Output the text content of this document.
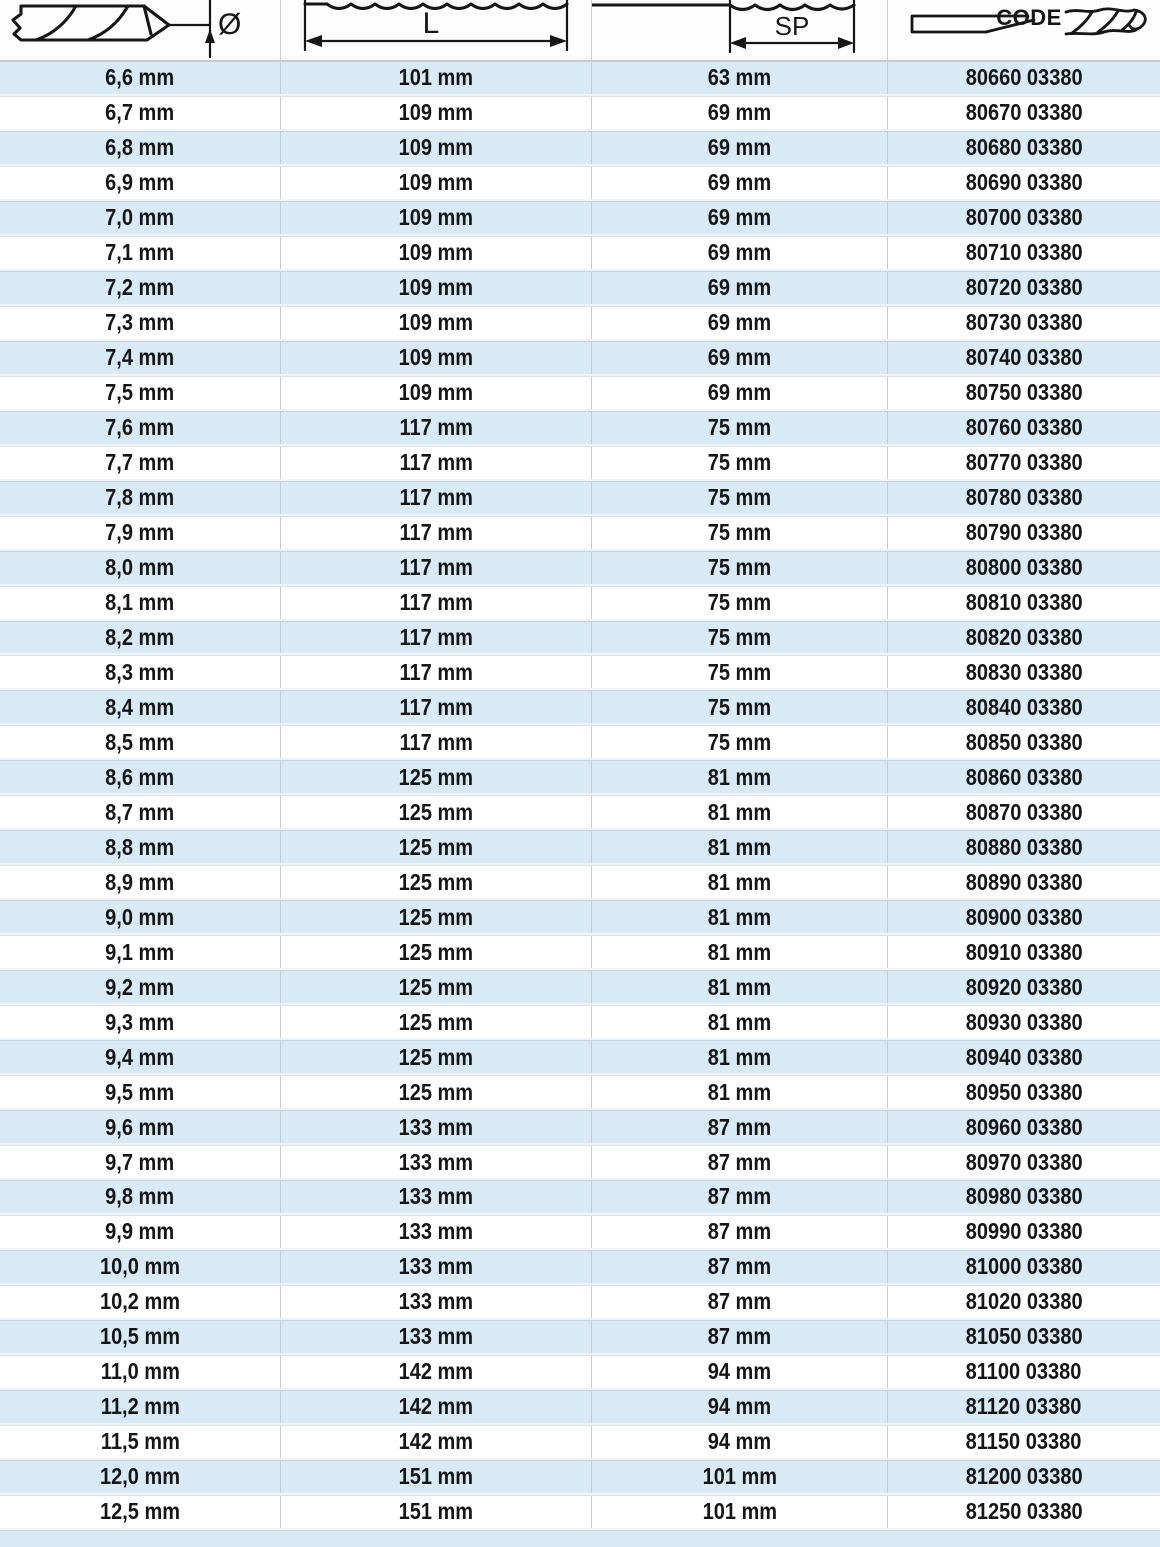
Ø	L	SP	CODE
6,6 mm	101 mm	63 mm	80660 03380
6,7 mm	109 mm	69 mm	80670 03380
6,8 mm	109 mm	69 mm	80680 03380
6,9 mm	109 mm	69 mm	80690 03380
7,0 mm	109 mm	69 mm	80700 03380
7,1 mm	109 mm	69 mm	80710 03380
7,2 mm	109 mm	69 mm	80720 03380
7,3 mm	109 mm	69 mm	80730 03380
7,4 mm	109 mm	69 mm	80740 03380
7,5 mm	109 mm	69 mm	80750 03380
7,6 mm	117 mm	75 mm	80760 03380
7,7 mm	117 mm	75 mm	80770 03380
7,8 mm	117 mm	75 mm	80780 03380
7,9 mm	117 mm	75 mm	80790 03380
8,0 mm	117 mm	75 mm	80800 03380
8,1 mm	117 mm	75 mm	80810 03380
8,2 mm	117 mm	75 mm	80820 03380
8,3 mm	117 mm	75 mm	80830 03380
8,4 mm	117 mm	75 mm	80840 03380
8,5 mm	117 mm	75 mm	80850 03380
8,6 mm	125 mm	81 mm	80860 03380
8,7 mm	125 mm	81 mm	80870 03380
8,8 mm	125 mm	81 mm	80880 03380
8,9 mm	125 mm	81 mm	80890 03380
9,0 mm	125 mm	81 mm	80900 03380
9,1 mm	125 mm	81 mm	80910 03380
9,2 mm	125 mm	81 mm	80920 03380
9,3 mm	125 mm	81 mm	80930 03380
9,4 mm	125 mm	81 mm	80940 03380
9,5 mm	125 mm	81 mm	80950 03380
9,6 mm	133 mm	87 mm	80960 03380
9,7 mm	133 mm	87 mm	80970 03380
9,8 mm	133 mm	87 mm	80980 03380
9,9 mm	133 mm	87 mm	80990 03380
10,0 mm	133 mm	87 mm	81000 03380
10,2 mm	133 mm	87 mm	81020 03380
10,5 mm	133 mm	87 mm	81050 03380
11,0 mm	142 mm	94 mm	81100 03380
11,2 mm	142 mm	94 mm	81120 03380
11,5 mm	142 mm	94 mm	81150 03380
12,0 mm	151 mm	101 mm	81200 03380
12,5 mm	151 mm	101 mm	81250 03380
